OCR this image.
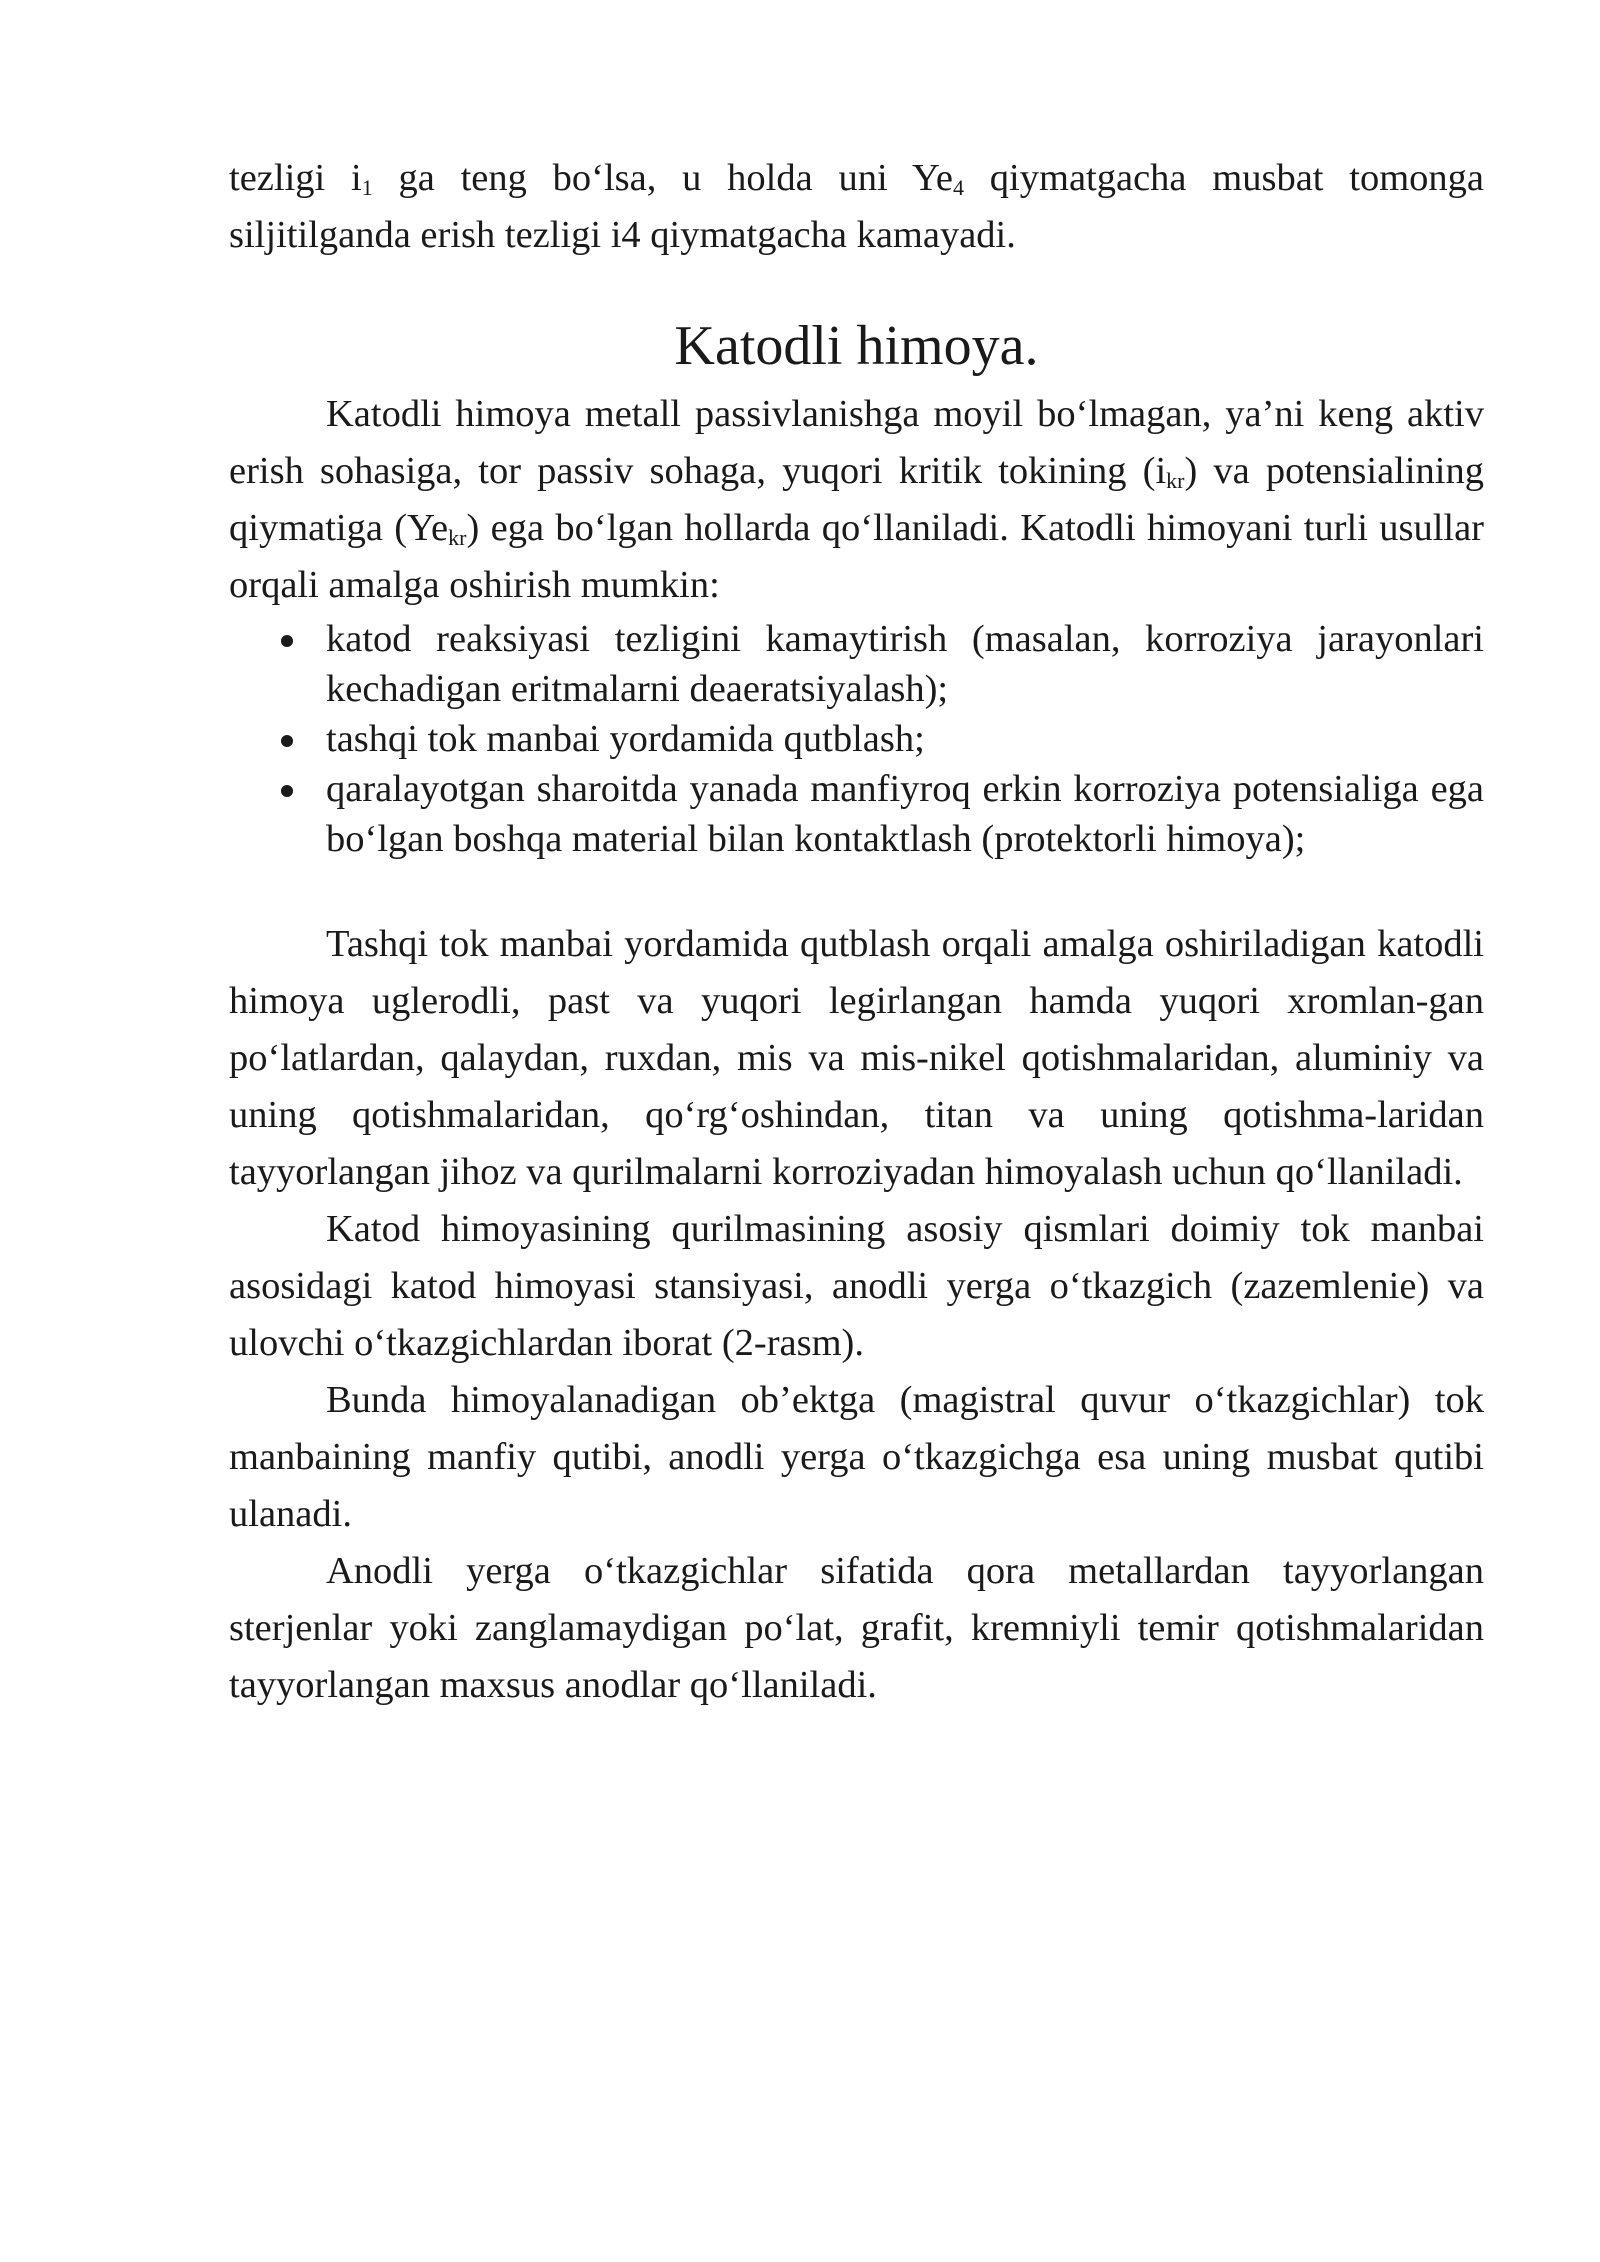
tezligi $i_1$ ga teng bo‘lsa, u holda uni $Ye_4$ qiymatgacha musbat tomonga siljitilganda erish tezligi i4 qiymatgacha kamayadi.

Katodli himoya.

Katodli himoya metall passivlanishga moyil bo‘lmagan, ya’ni keng aktiv erish sohasiga, tor passiv sohaga, yuqori kritik tokining $(i_{kr})$ va potensialining qiymatiga $(Ye_{kr})$ ega bo‘lgan hollarda qo‘llaniladi. Katodli himoyani turli usullar orqali amalga oshirish mumkin:

katod reaksiyasi tezligini kamaytirish (masalan, korroziya jarayonlari kechadigan eritmalarni deaeratsiyalash);
tashqi tok manbai yordamida qutblash;
qaralayotgan sharoitda yanada manfiyroq erkin korroziya potensialiga ega bo‘lgan boshqa material bilan kontaktlash (protektorli himoya);

Tashqi tok manbai yordamida qutblash orqali amalga oshiriladigan katodli himoya uglerodli, past va yuqori legirlangan hamda yuqori xromlan-gan po‘latlardan, qalaydan, ruxdan, mis va mis-nikel qotishmalaridan, aluminiy va uning qotishmalaridan, qo‘rg‘oshindan, titan va uning qotishma-laridan tayyorlangan jihoz va qurilmalarni korroziyadan himoyalash uchun qo‘llaniladi.

Katod himoyasining qurilmasining asosiy qismlari doimiy tok manbai asosidagi katod himoyasi stansiyasi, anodli yerga o‘tkazgich (zazemlenie) va ulovchi o‘tkazgichlardan iborat (2-rasm).

Bunda himoyalanadigan ob’ektga (magistral quvur o‘tkazgichlar) tok manbaining manfiy qutibi, anodli yerga o‘tkazgichga esa uning musbat qutibi ulanadi.

Anodli yerga o‘tkazgichlar sifatida qora metallardan tayyorlangan sterjenlar yoki zanglamaydigan po‘lat, grafit, kremniyli temir qotishmalaridan tayyorlangan maxsus anodlar qo‘llaniladi.
